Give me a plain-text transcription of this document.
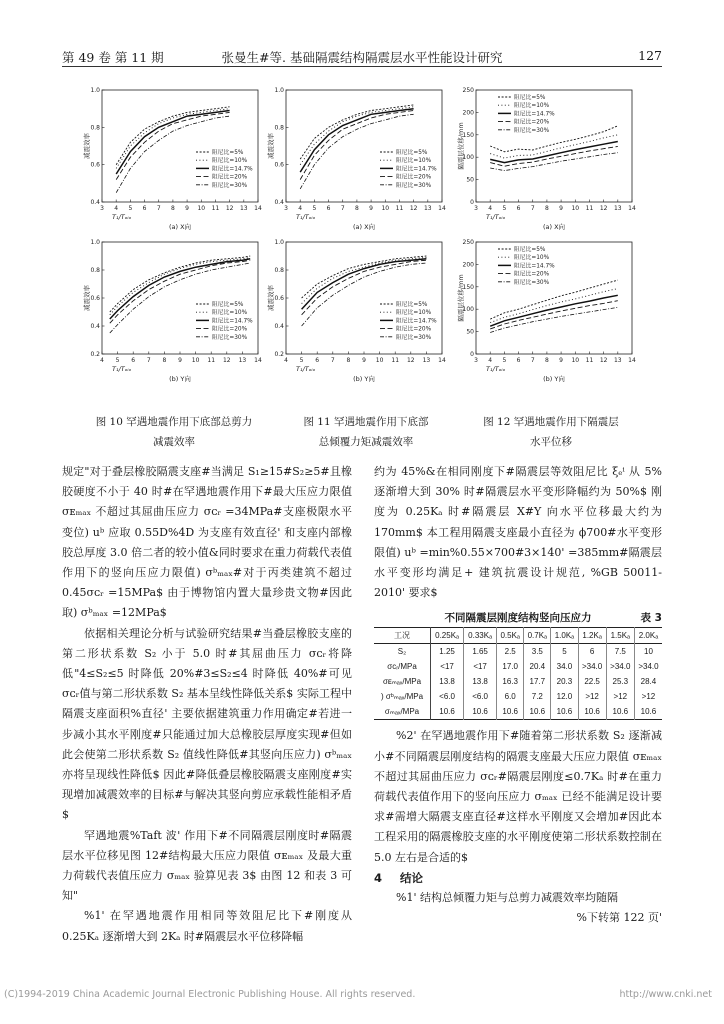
第 49 卷 第 11 期	张曼生#等. 基础隔震结构隔震层水平性能设计研究	127
3 4 5 6 7 8 9 10 11 12 13 14
0.4
0.6
0.8
1.0
减震效率
T₁/Tₒᵢₒ
(a) X向
阻尼比=5%
阻尼比=10%
阻尼比=14.7%
阻尼比=20%
阻尼比=30%
3 4 5 6 7 8 9 10 11 12 13 14
0.4
0.6
0.8
1.0
减震效率
T₁/Tₒᵢₒ
(a) X向
阻尼比=5%
阻尼比=10%
阻尼比=14.7%
阻尼比=20%
阻尼比=30%
3 4 5 6 7 8 9 10 11 12 13 14
0
50
100
150
200
250
隔震层位移/mm
T₁/Tₒᵢₒ
(a) X向
阻尼比=5%
阻尼比=10%
阻尼比=14.7%
阻尼比=20%
阻尼比=30%
4 5 6 7 8 9 10 11 12 13 14
0.2
0.4
0.6
0.8
1.0
减震效率
T₁/Tₒᵢₒ
(b) Y向
阻尼比=5%
阻尼比=10%
阻尼比=14.7%
阻尼比=20%
阻尼比=30%
4 5 6 7 8 9 10 11 12 13 14
0.2
0.4
0.6
0.8
1.0
减震效率
T₁/Tₒᵢₒ
(b) Y向
阻尼比=5%
阻尼比=10%
阻尼比=14.7%
阻尼比=20%
阻尼比=30%
3 4 5 6 7 8 9 10 11 12 13 14
0
50
100
150
200
250
隔震层位移/mm
T₁/Tₒᵢₒ
(b) Y向
阻尼比=5%
阻尼比=10%
阻尼比=14.7%
阻尼比=20%
阻尼比=30%
图 10 罕遇地震作用下底部总剪力
减震效率
图 11 罕遇地震作用下底部
总倾覆力矩减震效率
图 12 罕遇地震作用下隔震层
水平位移

规定"对于叠层橡胶隔震支座#当满足 S₁≥15#S₂≥5#且橡胶硬度不小于 40 时#在罕遇地震作用下#最大压应力限值 σᴇₘₐₓ 不超过其屈曲压应力 σᴄᵣ =34MPa#支座极限水平变位) uᵇ 应取 0.55D%4D 为支座有效直径' 和支座内部橡胶总厚度 3.0 倍二者的较小值&同时要求在重力荷载代表值作用下的竖向压应力限值) σᵇₘₐₓ#对于丙类建筑不超过 0.45σᴄᵣ =15MPa$ 由于博物馆内置大量珍贵文物#因此取) σᵇₘₐₓ =12MPa$

依据相关理论分析与试验研究结果#当叠层橡胶支座的第二形状系数 S₂ 小于 5.0 时#其屈曲压力 σᴄᵣ将降低"4≤S₂≤5 时降低 20%#3≤S₂≤4 时降低 40%#可见 σᴄᵣ值与第二形状系数 S₂ 基本呈线性降低关系$ 实际工程中隔震支座面积%直径' 主要依据建筑重力作用确定#若进一步减小其水平刚度#只能通过加大总橡胶层厚度实现#但如此会使第二形状系数 S₂ 值线性降低#其竖向压应力) σᵇₘₐₓ 亦将呈现线性降低$ 因此#降低叠层橡胶隔震支座刚度#实现增加减震效率的目标#与解决其竖向剪应承载性能相矛盾$

罕遇地震%Taft 波' 作用下#不同隔震层刚度时#隔震层水平位移见图 12#结构最大压应力限值 σᴇₘₐₓ 及最大重力荷载代表值压应力 σₘₐₓ 验算见表 3$ 由图 12 和表 3 可知"

%1' 在罕遇地震作用相同等效阻尼比下#刚度从 0.25Kₐ 逐渐增大到 2Kₐ 时#隔震层水平位移降幅

约为 45%&在相同刚度下#隔震层等效阻尼比 ξₑⁱ 从 5% 逐渐增大到 30% 时#隔震层水平变形降幅约为 50%$ 刚度为 0.25Kₐ 时#隔震层 X#Y 向水平位移最大约为 170mm$ 本工程用隔震支座最小直径为 ϕ700#水平变形限值) uᵇ =min%0.55×700#3×140' =385mm#隔震层水平变形均满足+ 建筑抗震设计规范, %GB 50011- 2010' 要求$

不同隔震层刚度结构竖向压应力	表 3
工况	0.25Kₐ	0.33Kₐ	0.5Kₐ	0.7Kₐ	1.0Kₐ	1.2Kₐ	1.5Kₐ	2.0Kₐ
S₂	1.25	1.65	2.5	3.5	5	6	7.5	10
σᴄᵣ/MPa	<17	<17	17.0	20.4	34.0	>34.0	>34.0	>34.0
σᴇₘₐₓ/MPa	13.8	13.8	16.3	17.7	20.3	22.5	25.3	28.4
) σᵇₘₐₓ/MPa	<6.0	<6.0	6.0	7.2	12.0	>12	>12	>12
σₘₐₓ/MPa	10.6	10.6	10.6	10.6	10.6	10.6	10.6	10.6

%2' 在罕遇地震作用下#随着第二形状系数 S₂ 逐渐减小#不同隔震层刚度结构的隔震支座最大压应力限值 σᴇₘₐₓ 不超过其屈曲压应力 σᴄᵣ#隔震层刚度≤0.7Kₐ 时#在重力荷载代表值作用下的竖向压应力 σₘₐₓ 已经不能满足设计要求#需增大隔震支座直径#这样水平刚度又会增加#因此本工程采用的隔震橡胶支座的水平刚度使第二形状系数控制在 5.0 左右是合适的$

4 结论

%1' 结构总倾覆力矩与总剪力减震效率均随隔

%下转第 122 页'

(C)1994-2019 China Academic Journal Electronic Publishing House. All rights reserved.	http://www.cnki.net
